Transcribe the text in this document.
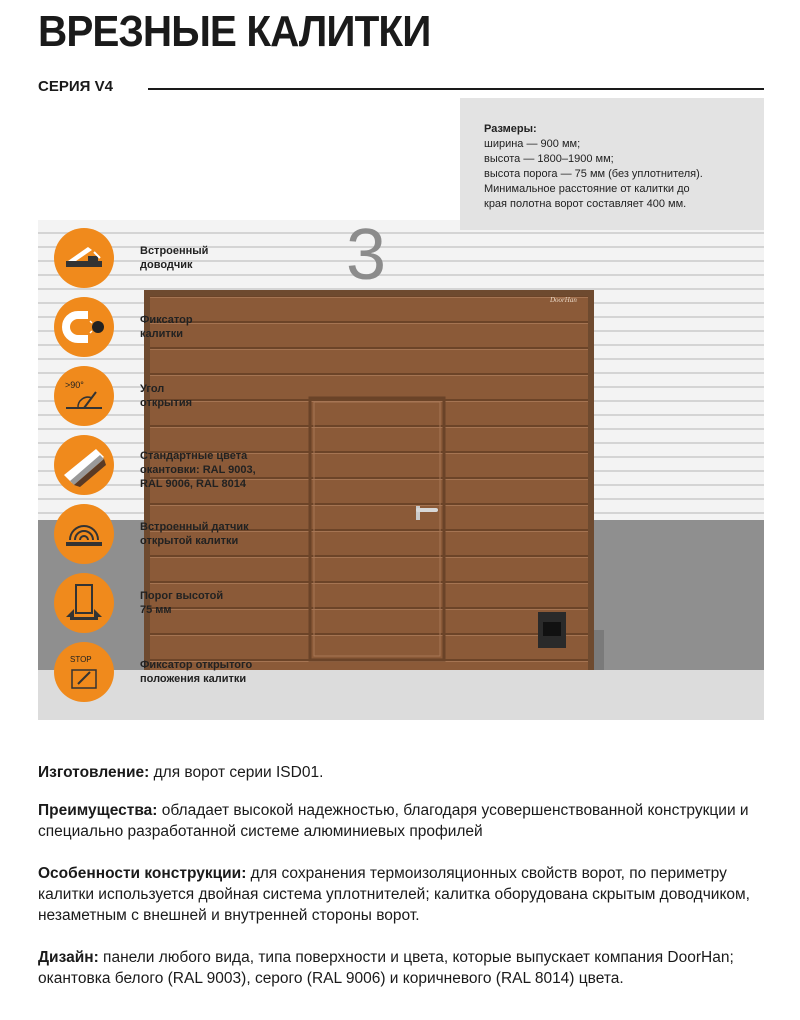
ВРЕЗНЫЕ КАЛИТКИ
СЕРИЯ V4
3
DoorHan
Встроенный
доводчик
Фиксатор
калитки
>90°	Угол
открытия
Стандартные цвета
окантовки: RAL 9003,
RAL 9006, RAL 8014
Встроенный датчик
открытой калитки
Порог высотой
75 мм
STOP	Фиксатор открытого
положения калитки
Размеры:
ширина — 900 мм;
высота — 1800–1900 мм;
высота порога — 75 мм (без уплотнителя).
Минимальное расстояние от калитки до
края полотна ворот составляет 400 мм.

Изготовление: для ворот серии ISD01.

Преимущества: обладает высокой надежностью, благодаря усовершенствованной конструкции и специально разработанной системе алюминиевых профилей

Особенности конструкции: для сохранения термоизоляционных свойств ворот, по периметру калитки используется двойная система уплотнителей; калитка оборудована скрытым доводчиком, незаметным с внешней и внутренней стороны ворот.

Дизайн: панели любого вида, типа поверхности и цвета, которые выпускает компания DoorHan; окантовка белого (RAL 9003), серого (RAL 9006) и коричневого (RAL 8014) цвета.
